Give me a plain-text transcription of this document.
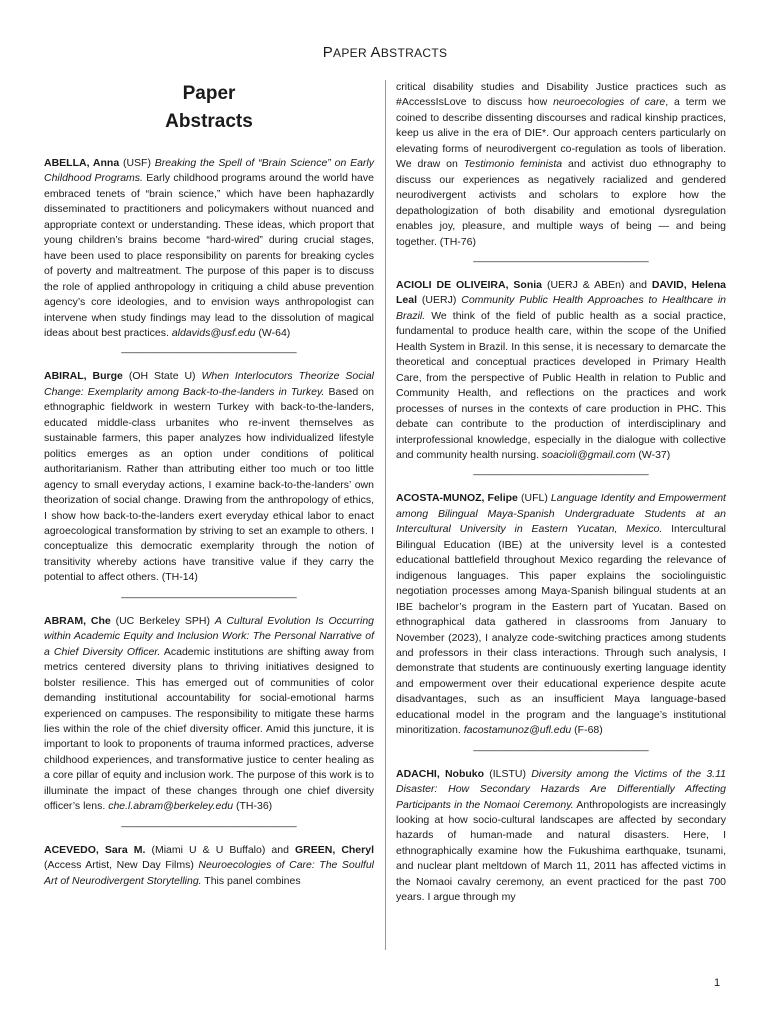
PAPER ABSTRACTS
Paper
Abstracts

ABELLA, Anna (USF) Breaking the Spell of “Brain Science” on Early Childhood Programs. Early childhood programs around the world have embraced tenets of “brain science,” which have been haphazardly disseminated to practitioners and policymakers without nuanced and appropriate context or understanding. These ideas, which proport that young children’s brains become “hard-wired” during crucial stages, have been used to place responsibility on parents for breaking cycles of poverty and maltreatment. The purpose of this paper is to discuss the role of applied anthropology in critiquing a child abuse prevention agency’s core ideologies, and to envision ways anthropologist can intervene when study findings may lead to the dissolution of magical ideas about best practices. aldavids@usf.edu (W-64)

______________________________

ABIRAL, Burge (OH State U) When Interlocutors Theorize Social Change: Exemplarity among Back-to-the-landers in Turkey. Based on ethnographic fieldwork in western Turkey with back-to-the-landers, educated middle-class urbanites who re-invent themselves as sustainable farmers, this paper analyzes how individualized lifestyle politics emerges as an option under conditions of political authoritarianism. Rather than attributing either too much or too little agency to small everyday actions, I examine back-to-the-landers’ own theorization of social change. Drawing from the anthropology of ethics, I show how back-to-the-landers exert everyday ethical labor to enact agroecological transformation by striving to set an example to others. I conceptualize this democratic exemplarity through the notion of transitivity whereby actions have transitive value if they carry the potential to affect others. (TH-14)

______________________________

ABRAM, Che (UC Berkeley SPH) A Cultural Evolution Is Occurring within Academic Equity and Inclusion Work: The Personal Narrative of a Chief Diversity Officer. Academic institutions are shifting away from metrics centered diversity plans to thriving initiatives designed to bolster resilience. This has emerged out of communities of color demanding institutional accountability for social-emotional harms experienced on campuses. The responsibility to mitigate these harms lies within the role of the chief diversity officer. Amid this juncture, it is important to look to proponents of trauma informed practices, adverse childhood experiences, and transformative justice to center healing as a core pillar of equity and inclusion work. The purpose of this work is to illuminate the impact of these changes through one chief diversity officer’s lens. che.l.abram@berkeley.edu (TH-36)

______________________________

ACEVEDO, Sara M. (Miami U & U Buffalo) and GREEN, Cheryl (Access Artist, New Day Films) Neuroecologies of Care: The Soulful Art of Neurodivergent Storytelling. This panel combines

critical disability studies and Disability Justice practices such as #AccessIsLove to discuss how neuroecologies of care, a term we coined to describe dissenting discourses and radical kinship practices, keep us alive in the era of DIE*. Our approach centers particularly on elevating forms of neurodivergent co-regulation as tools of liberation. We draw on Testimonio feminista and activist duo ethnography to discuss our experiences as negatively racialized and gendered neurodivergent activists and scholars to explore how the depathologization of both disability and emotional dysregulation enables joy, pleasure, and multiple ways of being — and being together. (TH-76)

______________________________

ACIOLI DE OLIVEIRA, Sonia (UERJ & ABEn) and DAVID, Helena Leal (UERJ) Community Public Health Approaches to Healthcare in Brazil. We think of the field of public health as a social practice, fundamental to produce health care, within the scope of the Unified Health System in Brazil. In this sense, it is necessary to demarcate the theoretical and conceptual practices developed in Primary Health Care, from the perspective of Public Health in relation to Public and Community Health, and reflections on the practices and work processes of nurses in the contexts of care production in PHC. This debate can contribute to the production of interdisciplinary and interprofessional knowledge, especially in the dialogue with collective and community health nursing. soacioli@gmail.com (W-37)

______________________________

ACOSTA-MUNOZ, Felipe (UFL) Language Identity and Empowerment among Bilingual Maya-Spanish Undergraduate Students at an Intercultural University in Eastern Yucatan, Mexico. Intercultural Bilingual Education (IBE) at the university level is a contested educational battlefield throughout Mexico regarding the relevance of indigenous languages. This paper explains the sociolinguistic negotiation processes among Maya-Spanish bilingual students at an IBE bachelor’s program in the Eastern part of Yucatan. Based on ethnographical data gathered in classrooms from January to November (2023), I analyze code-switching practices among students and professors in their class interactions. Through such analysis, I demonstrate that students are continuously exerting language identity and empowerment over their educational experience despite acute disadvantages, such as an insufficient Maya language-based educational model in the program and the language’s institutional minoritization. facostamunoz@ufl.edu (F-68)

______________________________

ADACHI, Nobuko (ILSTU) Diversity among the Victims of the 3.11 Disaster: How Secondary Hazards Are Differentially Affecting Participants in the Nomaoi Ceremony. Anthropologists are increasingly looking at how socio-cultural landscapes are affected by secondary hazards of human-made and natural disasters. Here, I ethnographically examine how the Fukushima earthquake, tsunami, and nuclear plant meltdown of March 11, 2011 has affected victims in the Nomaoi cavalry ceremony, an event practiced for the past 700 years. I argue through my

1
